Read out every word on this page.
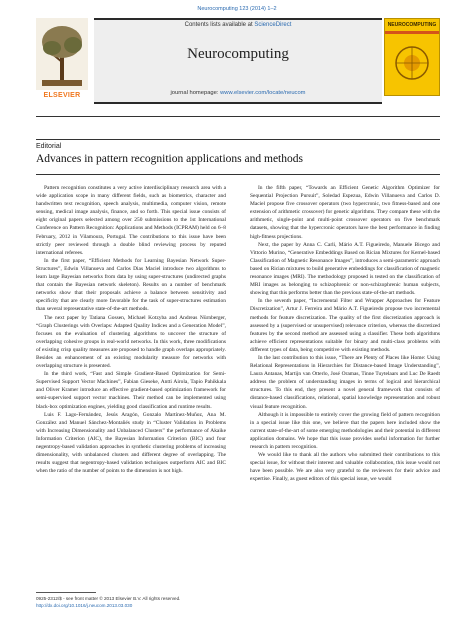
Neurocomputing 123 (2014) 1–2
ELSEVIER
Contents lists available at ScienceDirect
Neurocomputing
journal homepage: www.elsevier.com/locate/neucom
NEUROCOMPUTING
Editorial
Advances in pattern recognition applications and methods

Pattern recognition constitutes a very active interdisciplinary research area with a wide application scope in many different fields, such as biometrics, character and handwritten text recognition, speech analysis, multimedia, computer vision, remote sensing, medical image analysis, finance, and so forth. This special issue consists of eight original papers selected among over 250 submissions to the 1st International Conference on Pattern Recognition: Applications and Methods (ICPRAM) held on 6–8 February, 2012 in Vilamoura, Portugal. The contributions to this issue have been strictly peer reviewed through a double blind reviewing process by reputed international referees.

In the first paper, “Efficient Methods for Learning Bayesian Network Super-Structures”, Edwin Villanueva and Carlos Dias Maciel introduce two algorithms to learn large Bayesian networks from data by using super-structures (undirected graphs that contain the Bayesian network skeleton). Results on a number of benchmark networks show that their proposals achieve a balance between sensitivity and specificity that are clearly more favorable for the task of super-structures estimation than several representative state-of-the-art methods.

The next paper by Tatiana Gossen, Michael Kotzyba and Andreas Nürnberger, “Graph Clusterings with Overlaps: Adapted Quality Indices and a Generation Model”, focuses on the evaluation of clustering algorithms to uncover the structure of overlapping cohesive groups in real-world networks. In this work, three modifications of existing crisp quality measures are proposed to handle graph overlaps appropriately. Besides an enhancement of an existing modularity measure for networks with overlapping structure is presented.

In the third work, “Fast and Simple Gradient-Based Optimization for Semi-Supervised Support Vector Machines”, Fabian Gieseke, Antti Airola, Tapio Pahikkala and Oliver Kramer introduce an effective gradient-based optimization framework for semi-supervised support vector machines. Their method can be implemented using black-box optimization engines, yielding good classification and runtime results.

Luis F. Lago-Fernández, Jesús Aragón, Gonzalo Martínez-Muñoz, Ana M. González and Manuel Sánchez-Montañés study in “Cluster Validation in Problems with Increasing Dimensionality and Unbalanced Clusters” the performance of Akaike Information Criterion (AIC), the Bayesian Information Criterion (BIC) and four negentropy-based validation approaches in synthetic clustering problems of increasing dimensionality, with unbalanced clusters and different degree of overlapping. The results suggest that negentropy-based validation techniques outperform AIC and BIC when the ratio of the number of points to the dimension is not high.

In the fifth paper, “Towards an Efficient Genetic Algorithm Optimizer for Sequential Projection Pursuit”, Soledad Espezua, Edwin Villanueva and Carlos D. Maciel propose five crossover operators (two hypercronic, two fitness-based and one extension of arithmetic crossover) for genetic algorithms. They compare these with the arithmetic, single-point and multi-point crossover operators on five benchmark datasets, showing that the hypercronic operators have the best performance in finding high-fitness projections.

Next, the paper by Anna C. Carli, Mário A.T. Figueiredo, Manuele Bicego and Vittorio Murino, “Generative Embeddings Based on Rician Mixtures for Kernel-based Classification of Magnetic Resonance Images”, introduces a semi-parametric approach based on Rician mixtures to build generative embeddings for classification of magnetic resonance images (MRI). The methodology proposed is tested on the classification of MRI images as belonging to schizophrenic or non-schizophrenic human subjects, showing that this performs better than the previous state-of-the-art methods.

In the seventh paper, “Incremental Filter and Wrapper Approaches for Feature Discretization”, Artur J. Ferreira and Mário A.T. Figueiredo propose two incremental methods for feature discretization. The quality of the first discretization approach is assessed by a (supervised or unsupervised) relevance criterion, whereas the discretized features by the second method are assessed using a classifier. These both algorithms achieve efficient representations suitable for binary and multi-class problems with different types of data, being competitive with existing methods.

In the last contribution to this issue, “There are Plenty of Places like Home: Using Relational Representations in Hierarchies for Distance-based Image Understanding”, Laura Antanas, Martijn van Otterlo, José Oramas, Tinne Tuytelaars and Luc De Raedt address the problem of understanding images in terms of logical and hierarchical structures. To this end, they present a novel general framework that consists of distance-based classifications, relational, spatial knowledge representation and robust visual feature recognition.

Although it is impossible to entirely cover the growing field of pattern recognition in a special issue like this one, we believe that the papers here included show the current state-of-the-art of some emerging methodologies and their potential in different application domains. We hope that this issue provides useful information for further research in pattern recognition.

We would like to thank all the authors who submitted their contributions to this special issue, for without their interest and valuable collaboration, this issue would not have been possible. We are also very grateful to the reviewers for their advice and expertise. Finally, as guest editors of this special issue, we would

0925-2312/$ - see front matter © 2013 Elsevier B.V. All rights reserved.
http://dx.doi.org/10.1016/j.neucom.2013.03.030
